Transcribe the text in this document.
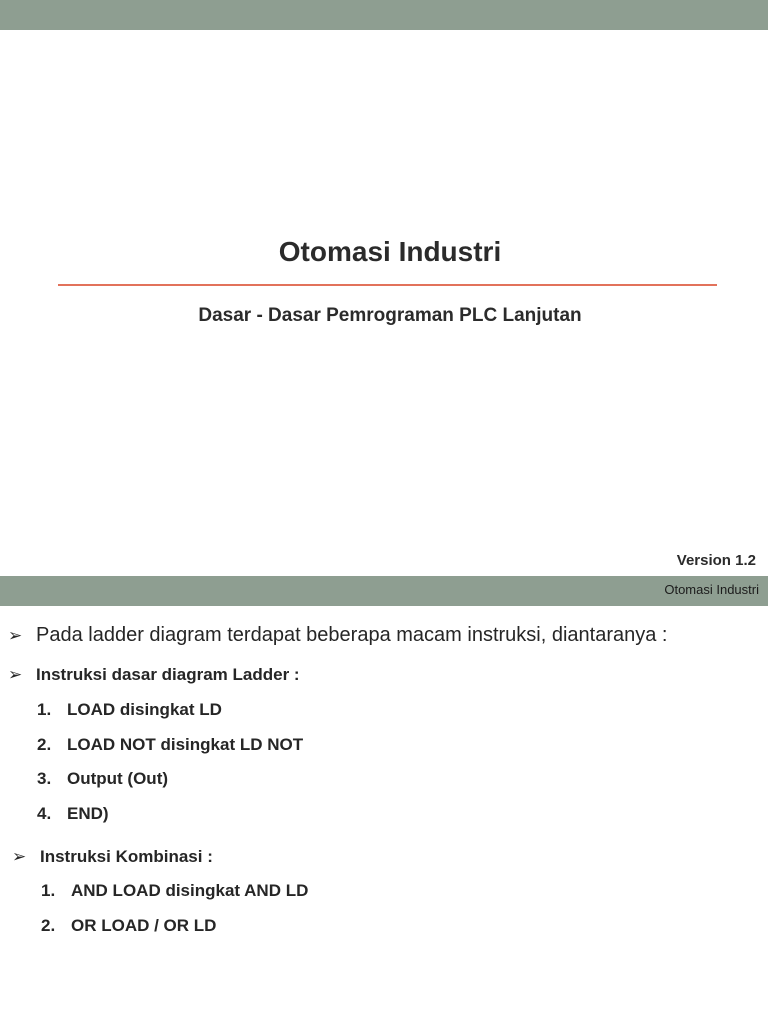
Otomasi Industri
Dasar - Dasar Pemrograman PLC Lanjutan
Version 1.2
Otomasi Industri
➢ Pada ladder diagram terdapat beberapa macam instruksi, diantaranya :
➢ Instruksi dasar diagram Ladder :
1. LOAD disingkat LD
2. LOAD NOT disingkat LD NOT
3. Output (Out)
4. END)
➢ Instruksi Kombinasi :
1. AND LOAD disingkat AND LD
2. OR LOAD / OR LD
